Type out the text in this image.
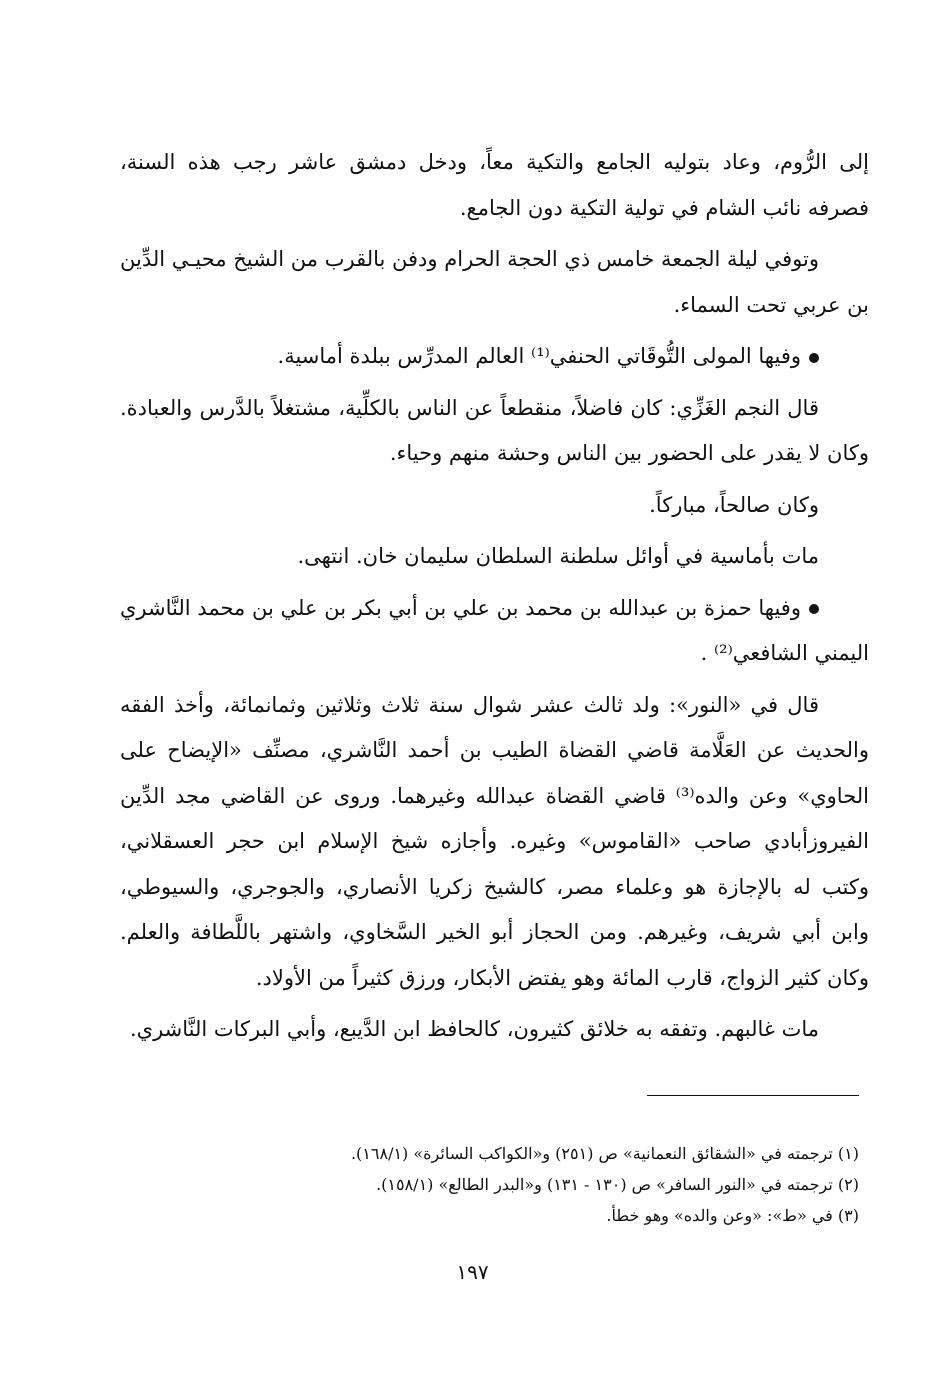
إلى الرُّوم، وعاد بتوليه الجامع والتكية معاً، ودخل دمشق عاشر رجب هذه السنة، فصرفه نائب الشام في تولية التكية دون الجامع.

وتوفي ليلة الجمعة خامس ذي الحجة الحرام ودفن بالقرب من الشيخ محيـي الدِّين بن عربي تحت السماء.

وفيها المولى التُّوقَاتي الحنفي⁽¹⁾ العالم المدرِّس ببلدة أماسية.

قال النجم الغَزِّي: كان فاضلاً، منقطعاً عن الناس بالكلِّية، مشتغلاً بالدَّرس والعبادة. وكان لا يقدر على الحضور بين الناس وحشة منهم وحياء.

وكان صالحاً، مباركاً.

مات بأماسية في أوائل سلطنة السلطان سليمان خان. انتهى.

وفيها حمزة بن عبدالله بن محمد بن علي بن أبي بكر بن علي بن محمد النَّاشري اليمني الشافعي⁽²⁾ .

قال في «النور»: ولد ثالث عشر شوال سنة ثلاث وثلاثين وثمانمائة، وأخذ الفقه والحديث عن العَلَّامة قاضي القضاة الطيب بن أحمد النَّاشري، مصنِّف «الإيضاح على الحاوي» وعن والده⁽³⁾ قاضي القضاة عبدالله وغيرهما. وروى عن القاضي مجد الدِّين الفيروزأبادي صاحب «القاموس» وغيره. وأجازه شيخ الإسلام ابن حجر العسقلاني، وكتب له بالإجازة هو وعلماء مصر، كالشيخ زكريا الأنصاري، والجوجري، والسيوطي، وابن أبي شريف، وغيرهم. ومن الحجاز أبو الخير السَّخاوي، واشتهر باللَّطافة والعلم. وكان كثير الزواج، قارب المائة وهو يفتض الأبكار، ورزق كثيراً من الأولاد.

مات غالبهم. وتفقه به خلائق كثيرون، كالحافظ ابن الدَّيبع، وأبي البركات النَّاشري.

(١) ترجمته في «الشقائق النعمانية» ص (٢٥١) و«الكواكب السائرة» (١٦٨/١).

(٢) ترجمته في «النور السافر» ص (١٣٠ - ١٣١) و«البدر الطالع» (١٥٨/١).

(٣) في «ط»: «وعن والده» وهو خطأ.

١٩٧
